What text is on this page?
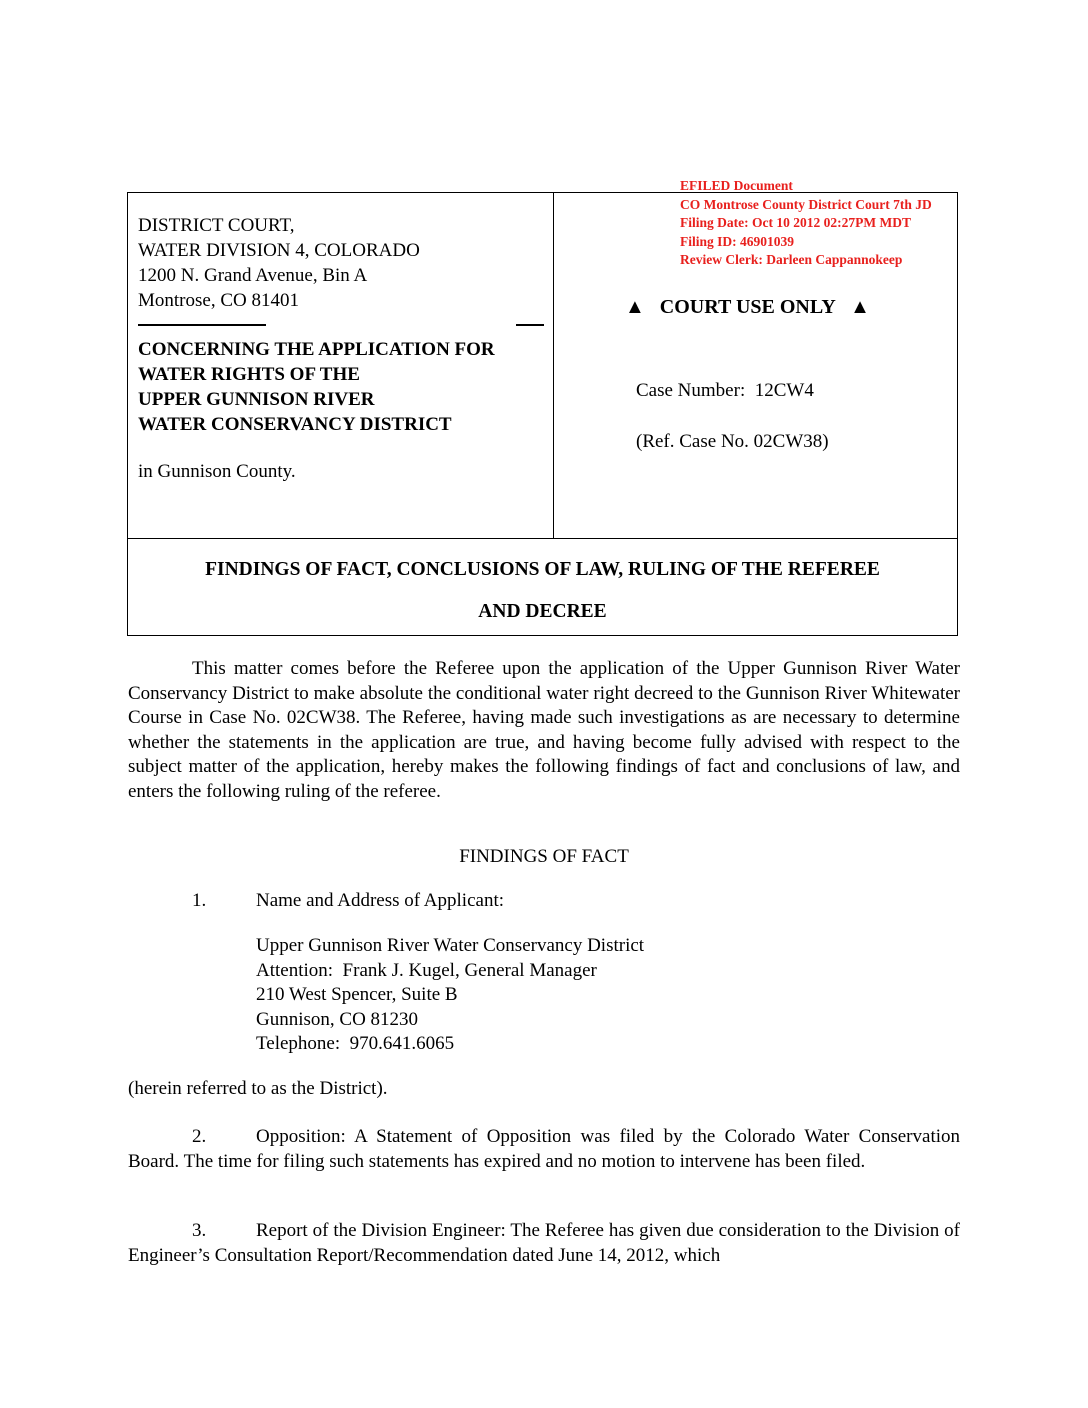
EFILED Document
CO Montrose County District Court 7th JD
Filing Date: Oct 10 2012 02:27PM MDT
Filing ID: 46901039
Review Clerk: Darleen Cappannokeep
DISTRICT COURT,
WATER DIVISION 4, COLORADO
1200 N. Grand Avenue, Bin A
Montrose, CO 81401
CONCERNING THE APPLICATION FOR
WATER RIGHTS OF THE
UPPER GUNNISON RIVER
WATER CONSERVANCY DISTRICT
in Gunnison County.
▲   COURT USE ONLY   ▲
Case Number:  12CW4
(Ref. Case No. 02CW38)
FINDINGS OF FACT, CONCLUSIONS OF LAW, RULING OF THE REFEREE
AND DECREE

This matter comes before the Referee upon the application of the Upper Gunnison River Water Conservancy District to make absolute the conditional water right decreed to the Gunnison River Whitewater Course in Case No. 02CW38. The Referee, having made such investigations as are necessary to determine whether the statements in the application are true, and having become fully advised with respect to the subject matter of the application, hereby makes the following findings of fact and conclusions of law, and enters the following ruling of the referee.

FINDINGS OF FACT
1.	Name and Address of Applicant:
Upper Gunnison River Water Conservancy District
Attention:  Frank J. Kugel, General Manager
210 West Spencer, Suite B
Gunnison, CO 81230
Telephone:  970.641.6065
(herein referred to as the District).

2.	Opposition: A Statement of Opposition was filed by the Colorado Water Conservation Board. The time for filing such statements has expired and no motion to intervene has been filed.

3.	Report of the Division Engineer: The Referee has given due consideration to the Division of Engineer’s Consultation Report/Recommendation dated June 14, 2012, which
